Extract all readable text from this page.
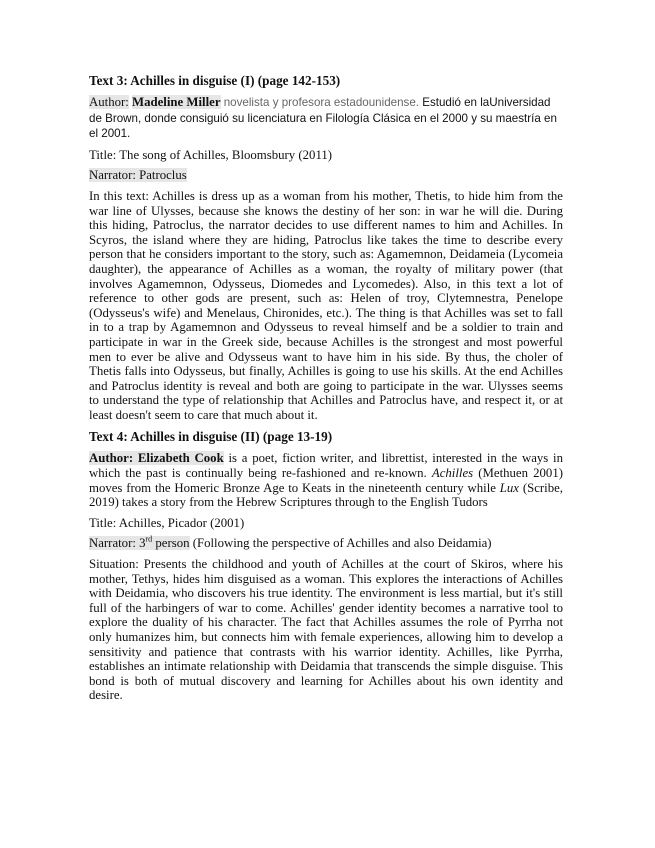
Text 3: Achilles in disguise (I) (page 142-153)
Author: Madeline Miller novelista y profesora estadounidense. Estudió en laUniversidad de Brown, donde consiguió su licenciatura en Filología Clásica en el 2000 y su maestría en el 2001.
Title: The song of Achilles, Bloomsbury (2011)
Narrator: Patroclus
In this text: Achilles is dress up as a woman from his mother, Thetis, to hide him from the war line of Ulysses, because she knows the destiny of her son: in war he will die. During this hiding, Patroclus, the narrator decides to use different names to him and Achilles. In Scyros, the island where they are hiding, Patroclus like takes the time to describe every person that he considers important to the story, such as: Agamemnon, Deidameia (Lycomeia daughter), the appearance of Achilles as a woman, the royalty of military power (that involves Agamemnon, Odysseus, Diomedes and Lycomedes). Also, in this text a lot of reference to other gods are present, such as: Helen of troy, Clytemnestra, Penelope (Odysseus's wife) and Menelaus, Chironides, etc.). The thing is that Achilles was set to fall in to a trap by Agamemnon and Odysseus to reveal himself and be a soldier to train and participate in war in the Greek side, because Achilles is the strongest and most powerful men to ever be alive and Odysseus want to have him in his side. By thus, the choler of Thetis falls into Odysseus, but finally, Achilles is going to use his skills. At the end Achilles and Patroclus identity is reveal and both are going to participate in the war. Ulysses seems to understand the type of relationship that Achilles and Patroclus have, and respect it, or at least doesn't seem to care that much about it.
Text 4: Achilles in disguise (II) (page 13-19)
Author: Elizabeth Cook is a poet, fiction writer, and librettist, interested in the ways in which the past is continually being re-fashioned and re-known. Achilles (Methuen 2001) moves from the Homeric Bronze Age to Keats in the nineteenth century while Lux (Scribe, 2019) takes a story from the Hebrew Scriptures through to the English Tudors
Title: Achilles, Picador (2001)
Narrator: 3rd person (Following the perspective of Achilles and also Deidamia)
Situation: Presents the childhood and youth of Achilles at the court of Skiros, where his mother, Tethys, hides him disguised as a woman. This explores the interactions of Achilles with Deidamia, who discovers his true identity. The environment is less martial, but it's still full of the harbingers of war to come. Achilles' gender identity becomes a narrative tool to explore the duality of his character. The fact that Achilles assumes the role of Pyrrha not only humanizes him, but connects him with female experiences, allowing him to develop a sensitivity and patience that contrasts with his warrior identity. Achilles, like Pyrrha, establishes an intimate relationship with Deidamia that transcends the simple disguise. This bond is both of mutual discovery and learning for Achilles about his own identity and desire.
